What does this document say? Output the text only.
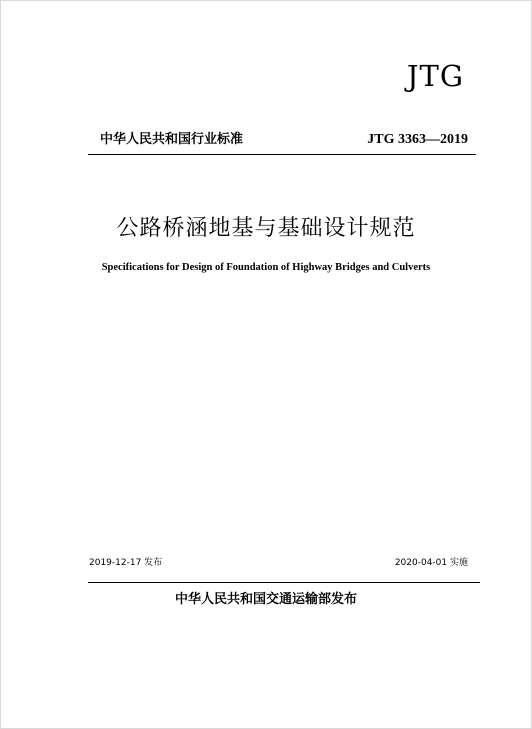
JTG
中华人民共和国行业标准	JTG 3363—2019
公路桥涵地基与基础设计规范
Specifications for Design of Foundation of Highway Bridges and Culverts
2019-12-17 发布	2020-04-01 实施
中华人民共和国交通运输部发布
